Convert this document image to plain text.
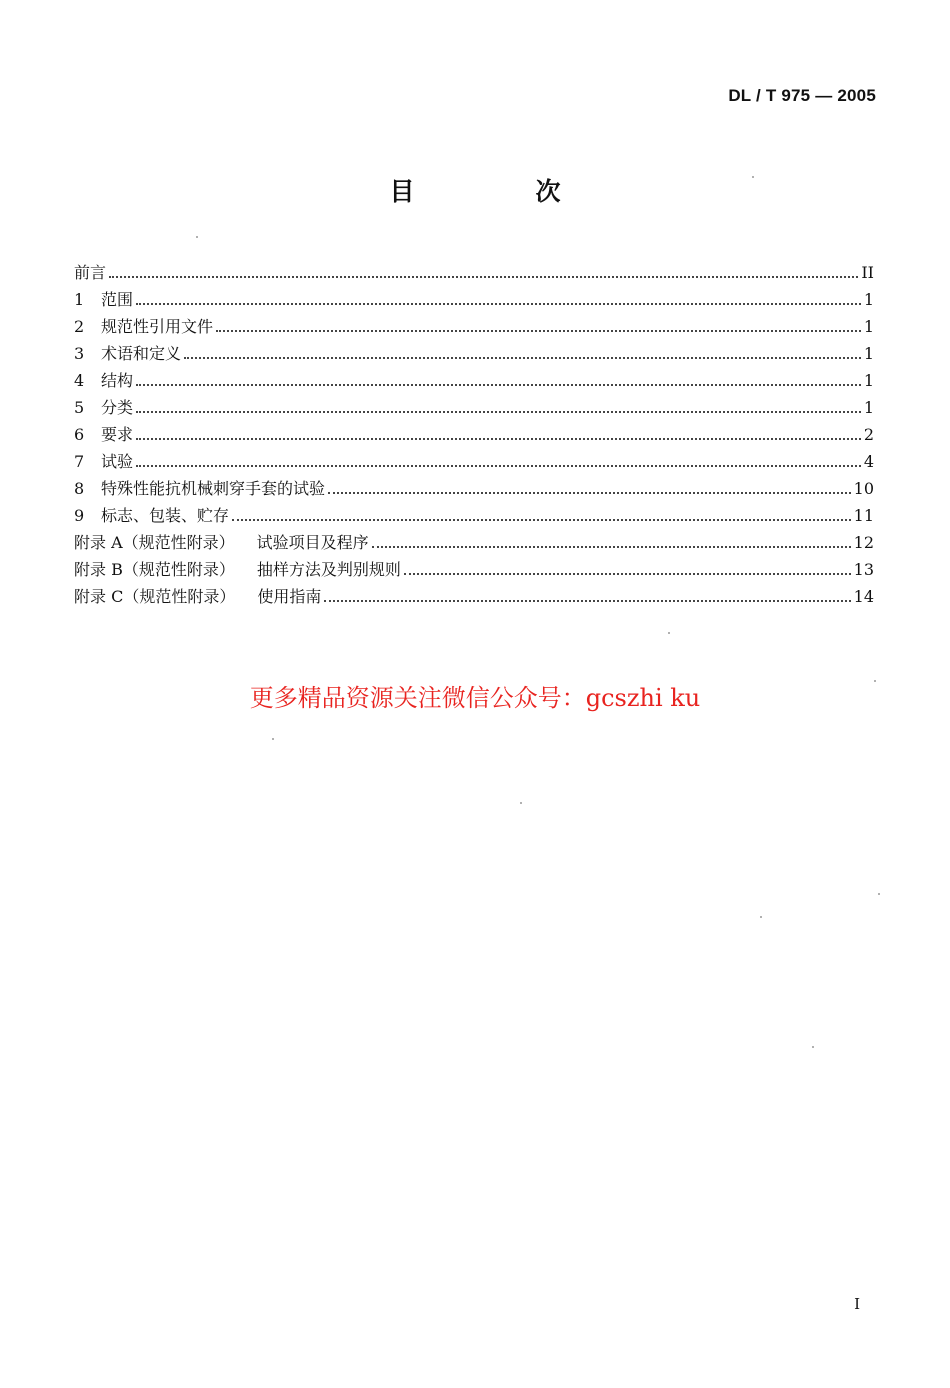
DL / T 975 — 2005
目　次
前言	II
1	范围	1
2	规范性引用文件	1
3	术语和定义	1
4	结构	1
5	分类	1
6	要求	2
7	试验	4
8	特殊性能抗机械刺穿手套的试验	10
9	标志、包装、贮存	11
附录 A（规范性附录） 试验项目及程序	12
附录 B（规范性附录） 抽样方法及判别规则	13
附录 C（规范性附录） 使用指南	14
更多精品资源关注微信公众号：gcszhi ku
I
